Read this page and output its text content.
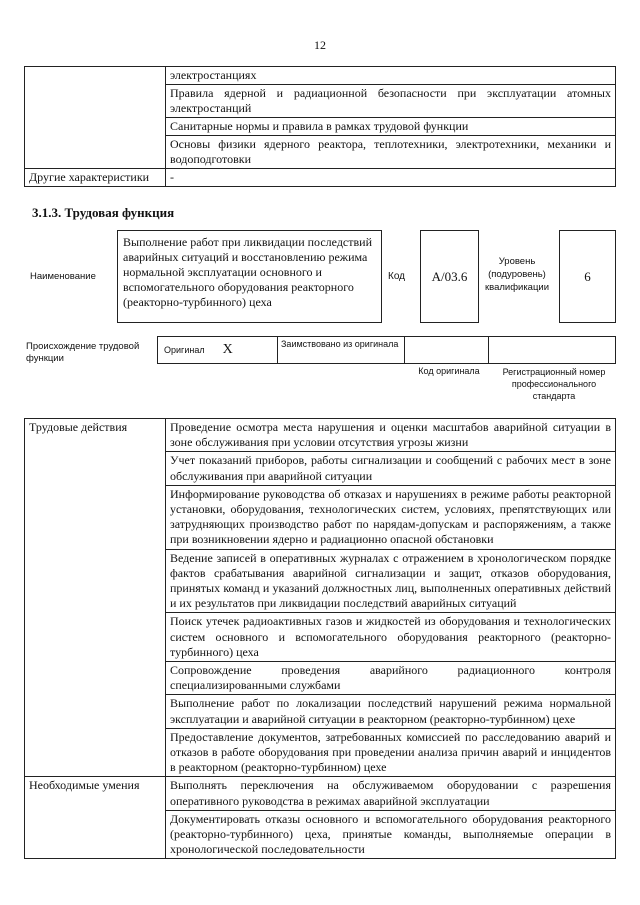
12
	электростанциях
	Правила ядерной и радиационной безопасности при эксплуатации атомных электростанций
	Санитарные нормы и правила в рамках трудовой функции
	Основы физики ядерного реактора, теплотехники, электротехники, механики и водоподготовки
Другие характеристики	-
3.1.3. Трудовая функция
Наименование
Выполнение работ при ликвидации последствий аварийных ситуаций и восстановлению режима нормальной эксплуатации основного и вспомогательного оборудования реакторного (реакторно-турбинного) цеха
Код	A/03.6
Уровень (подуровень) квалификации
6
Происхождение трудовой функции
Оригинал X	Заимствовано из оригинала
Код оригинала	Регистрационный номер профессионального стандарта
Трудовые действия	Проведение осмотра места нарушения и оценки масштабов аварийной ситуации в зоне обслуживания при условии отсутствия угрозы жизни
	Учет показаний приборов, работы сигнализации и сообщений с рабочих мест в зоне обслуживания при аварийной ситуации
	Информирование руководства об отказах и нарушениях в режиме работы реакторной установки, оборудования, технологических систем, условиях, препятствующих или затрудняющих производство работ по нарядам-допускам и распоряжениям, а также при возникновении ядерно и радиационно опасной обстановки
	Ведение записей в оперативных журналах с отражением в хронологическом порядке фактов срабатывания аварийной сигнализации и защит, отказов оборудования, принятых команд и указаний должностных лиц, выполненных оперативных действий и их результатов при ликвидации последствий аварийных ситуаций
	Поиск утечек радиоактивных газов и жидкостей из оборудования и технологических систем основного и вспомогательного оборудования реакторного (реакторно-турбинного) цеха
	Сопровождение проведения аварийного радиационного контроля специализированными службами
	Выполнение работ по локализации последствий нарушений режима нормальной эксплуатации и аварийной ситуации в реакторном (реакторно-турбинном) цехе
	Предоставление документов, затребованных комиссией по расследованию аварий и отказов в работе оборудования при проведении анализа причин аварий и инцидентов в реакторном (реакторно-турбинном) цехе
Необходимые умения	Выполнять переключения на обслуживаемом оборудовании с разрешения оперативного руководства в режимах аварийной эксплуатации
	Документировать отказы основного и вспомогательного оборудования реакторного (реакторно-турбинного) цеха, принятые команды, выполняемые операции в хронологической последовательности
